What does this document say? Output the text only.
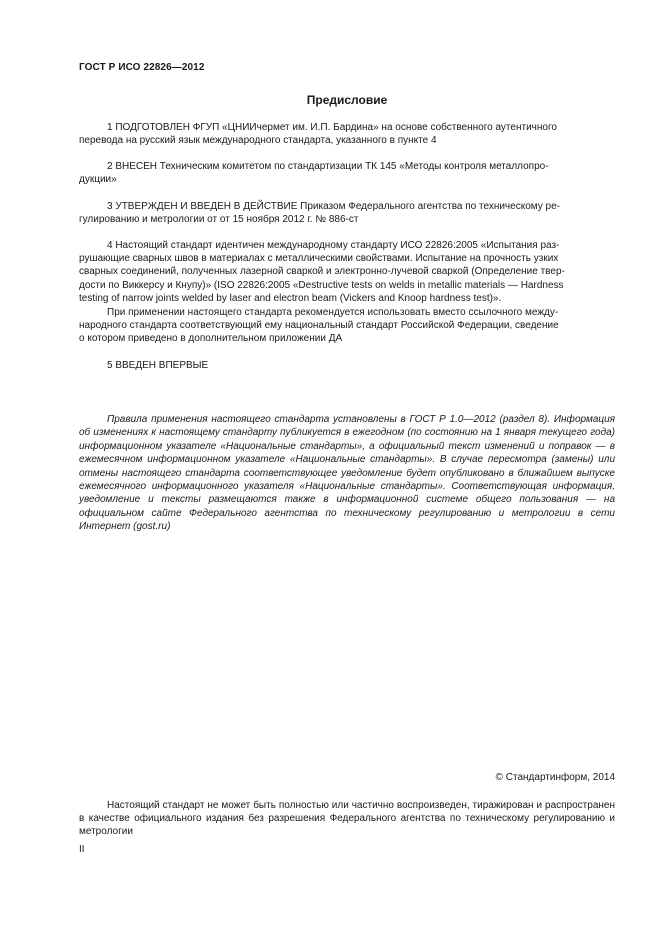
ГОСТ Р ИСО 22826—2012
Предисловие

1 ПОДГОТОВЛЕН ФГУП «ЦНИИчермет им. И.П. Бардина» на основе собственного аутентичного
перевода на русский язык международного стандарта, указанного в пункте 4

2 ВНЕСЕН Техническим комитетом по стандартизации ТК 145 «Методы контроля металлопро-
дукции»

3 УТВЕРЖДЕН И ВВЕДЕН В ДЕЙСТВИЕ Приказом Федерального агентства по техническому ре-
гулированию и метрологии от от 15 ноября 2012 г. № 886-ст

4 Настоящий стандарт идентичен международному стандарту ИСО 22826:2005 «Испытания раз-
рушающие сварных швов в материалах с металлическими свойствами. Испытание на прочность узких
сварных соединений, полученных лазерной сваркой и электронно-лучевой сваркой (Определение твер-
дости по Виккерсу и Кнупу)» (ISO 22826:2005 «Destructive tests on welds in metallic materials — Hardness
testing of narrow joints welded by laser and electron beam (Vickers and Knoop hardness test)».

При применении настоящего стандарта рекомендуется использовать вместо ссылочного между-
народного стандарта соответствующий ему национальный стандарт Российской Федерации, сведение
о котором приведено в дополнительном приложении ДА

5 ВВЕДЕН ВПЕРВЫЕ

Правила применения настоящего стандарта установлены в ГОСТ Р 1.0—2012 (раздел 8). Информация об изменениях к настоящему стандарту публикуется в ежегодном (по состоянию на 1 января текущего года) информационном указателе «Национальные стандарты», а официальный текст изменений и поправок — в ежемесячном информационном указателе «Национальные стандарты». В случае пересмотра (замены) или отмены настоящего стандарта соответствующее уведомление будет опубликовано в ближайшем выпуске ежемесячного информационного указателя «Национальные стандарты». Соответствующая информация, уведомление и тексты размещаются также в информационной системе общего пользования — на официальном сайте Федерального агентства по техническому регулированию и метрологии в сети Интернет (gost.ru)

© Стандартинформ, 2014

Настоящий стандарт не может быть полностью или частично воспроизведен, тиражирован и распространен в качестве официального издания без разрешения Федерального агентства по техническому регулированию и метрологии

II
